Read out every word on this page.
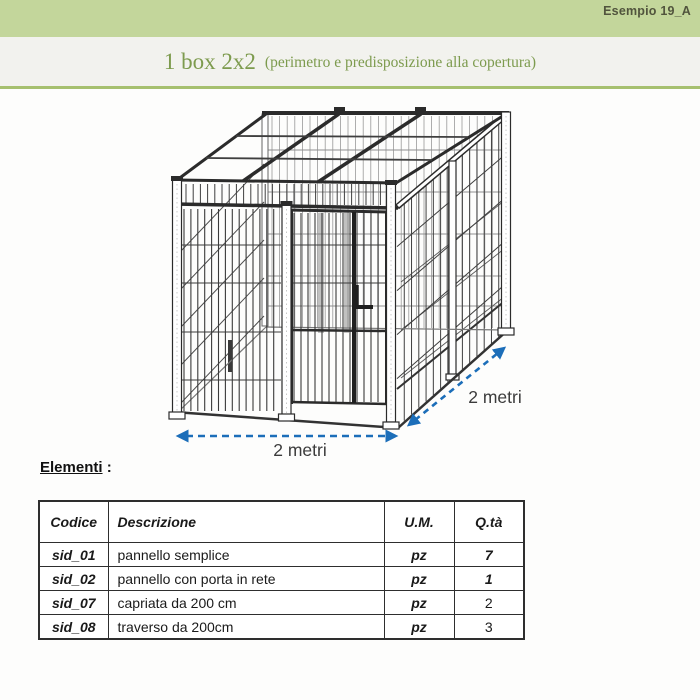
Esempio 19_A
1 box 2x2 (perimetro e predisposizione alla copertura)
2 metri
2 metri
Elementi :
Codice	Descrizione	U.M.	Q.tà
sid_01	pannello semplice	pz	7
sid_02	pannello con porta in rete	pz	1
sid_07	capriata da 200 cm	pz	2
sid_08	traverso da 200cm	pz	3
